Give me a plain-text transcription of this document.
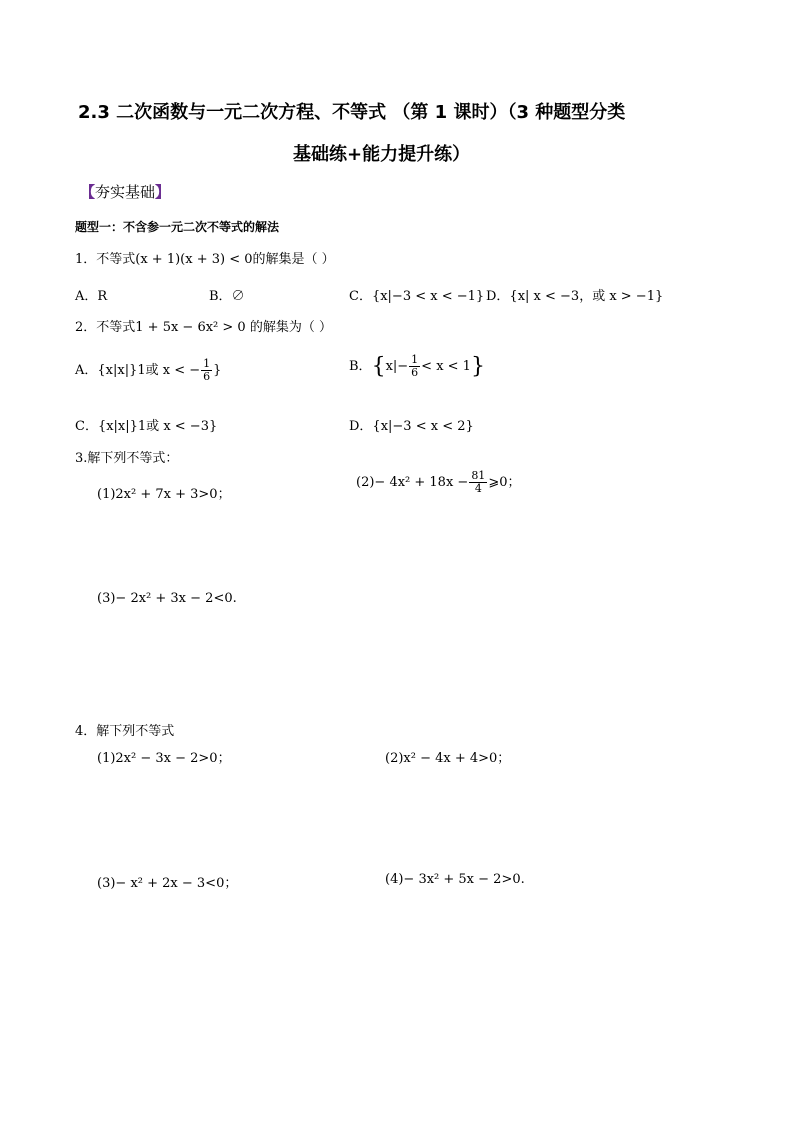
2.3 二次函数与一元二次方程、不等式 （第 1 课时）（3 种题型分类
基础练+能力提升练）
【夯实基础】
题型一：不含参一元二次不等式的解法
1．不等式(x + 1)(x + 3) < 0的解集是（ ）
A．R	B．∅	C．{x|−3 < x < −1} D．{x| x < −3，或 x > −1}
2．不等式1 + 5x − 6x² > 0 的解集为（ ）
A．{x|x|}1或 x < − $\frac{1}{6}$ }	B．$\{x|- \frac{1}{6} < x < 1\}$
C．{x|x|}1或 x < −3}	D．{x|−3 < x < 2}
3.解下列不等式：
(1)2x² + 7x + 3>0；
$(2)- 4x^2 + 18x - \frac{81}{4}$ ⩾0；
(3)− 2x² + 3x − 2<0.
4．解下列不等式
(1)2x² − 3x − 2>0；	(2)x² − 4x + 4>0；
(3)− x² + 2x − 3<0；	(4)− 3x² + 5x − 2>0.
